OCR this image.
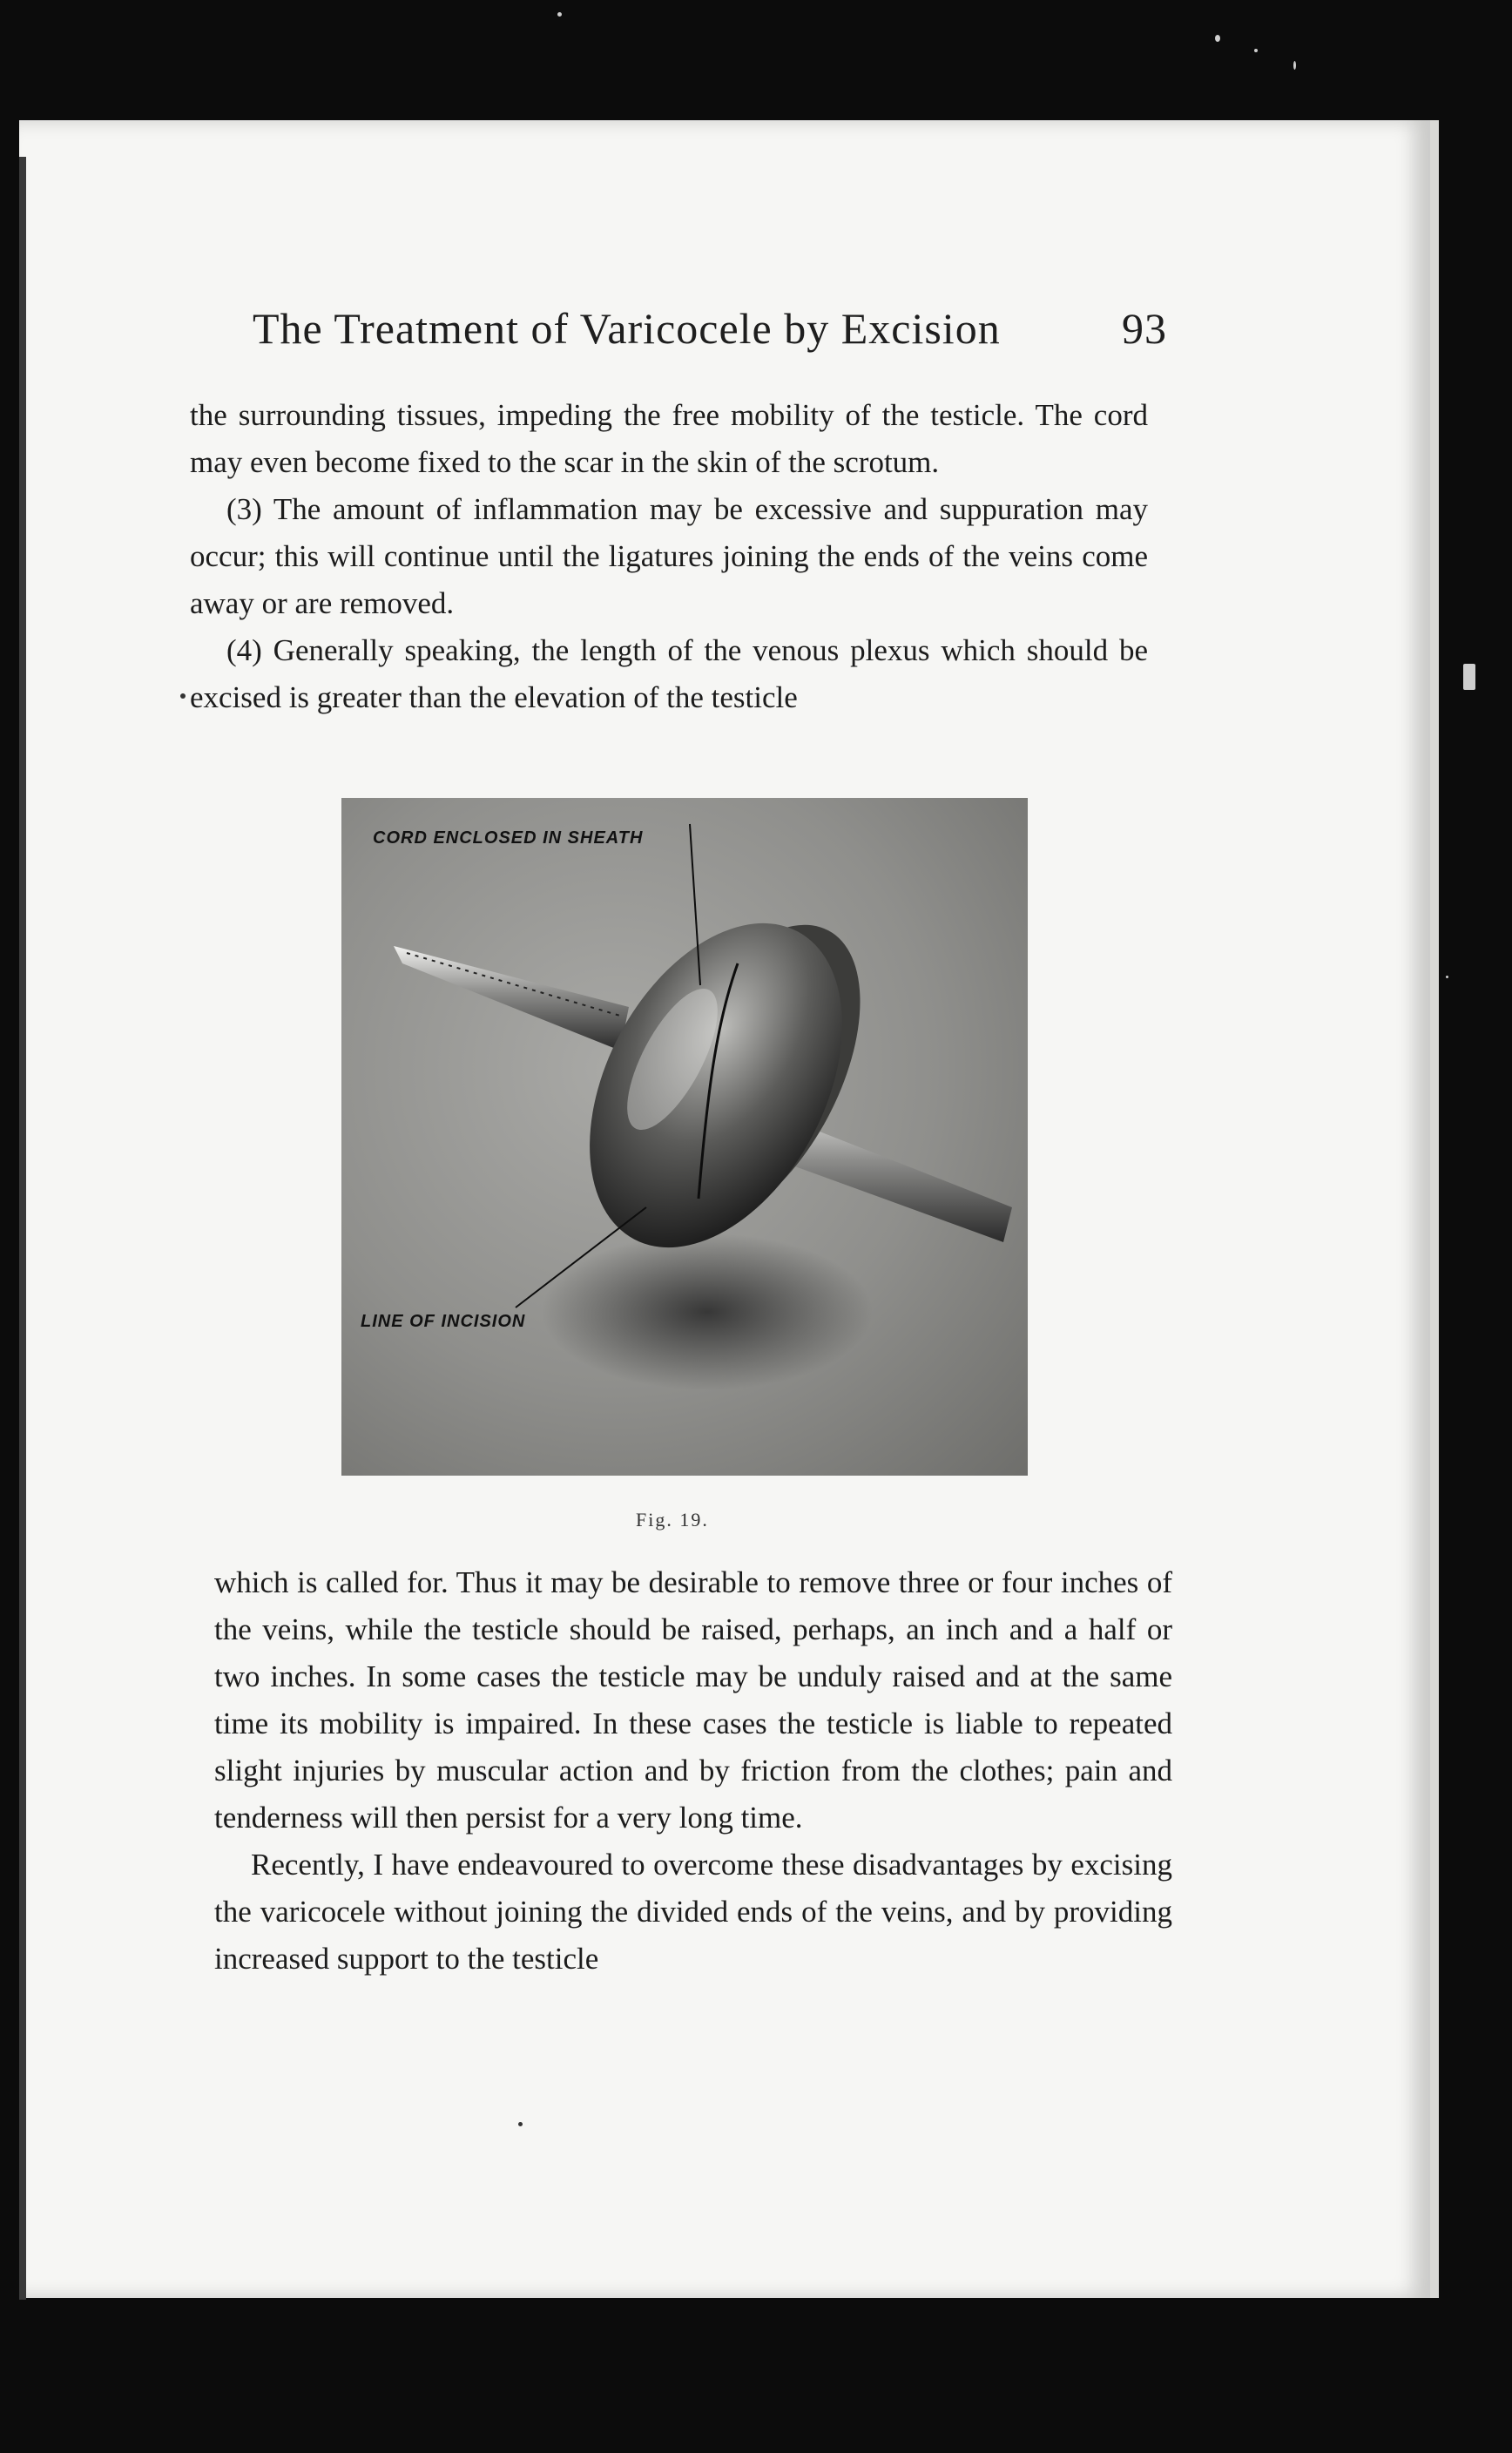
The Treatment of Varicocele by Excision	93

the surrounding tissues, impeding the free mobility of the testicle. The cord may even become fixed to the scar in the skin of the scrotum.

(3) The amount of inflammation may be excessive and suppuration may occur; this will continue until the ligatures joining the ends of the veins come away or are removed.

(4) Generally speaking, the length of the venous plexus which should be excised is greater than the elevation of the testicle

CORD ENCLOSED IN SHEATH
LINE OF INCISION
Fig. 19.

which is called for. Thus it may be desirable to remove three or four inches of the veins, while the testicle should be raised, perhaps, an inch and a half or two inches. In some cases the testicle may be unduly raised and at the same time its mobility is impaired. In these cases the testicle is liable to repeated slight injuries by muscular action and by friction from the clothes; pain and tenderness will then persist for a very long time.

Recently, I have endeavoured to overcome these disadvantages by excising the varicocele without joining the divided ends of the veins, and by providing increased support to the testicle
